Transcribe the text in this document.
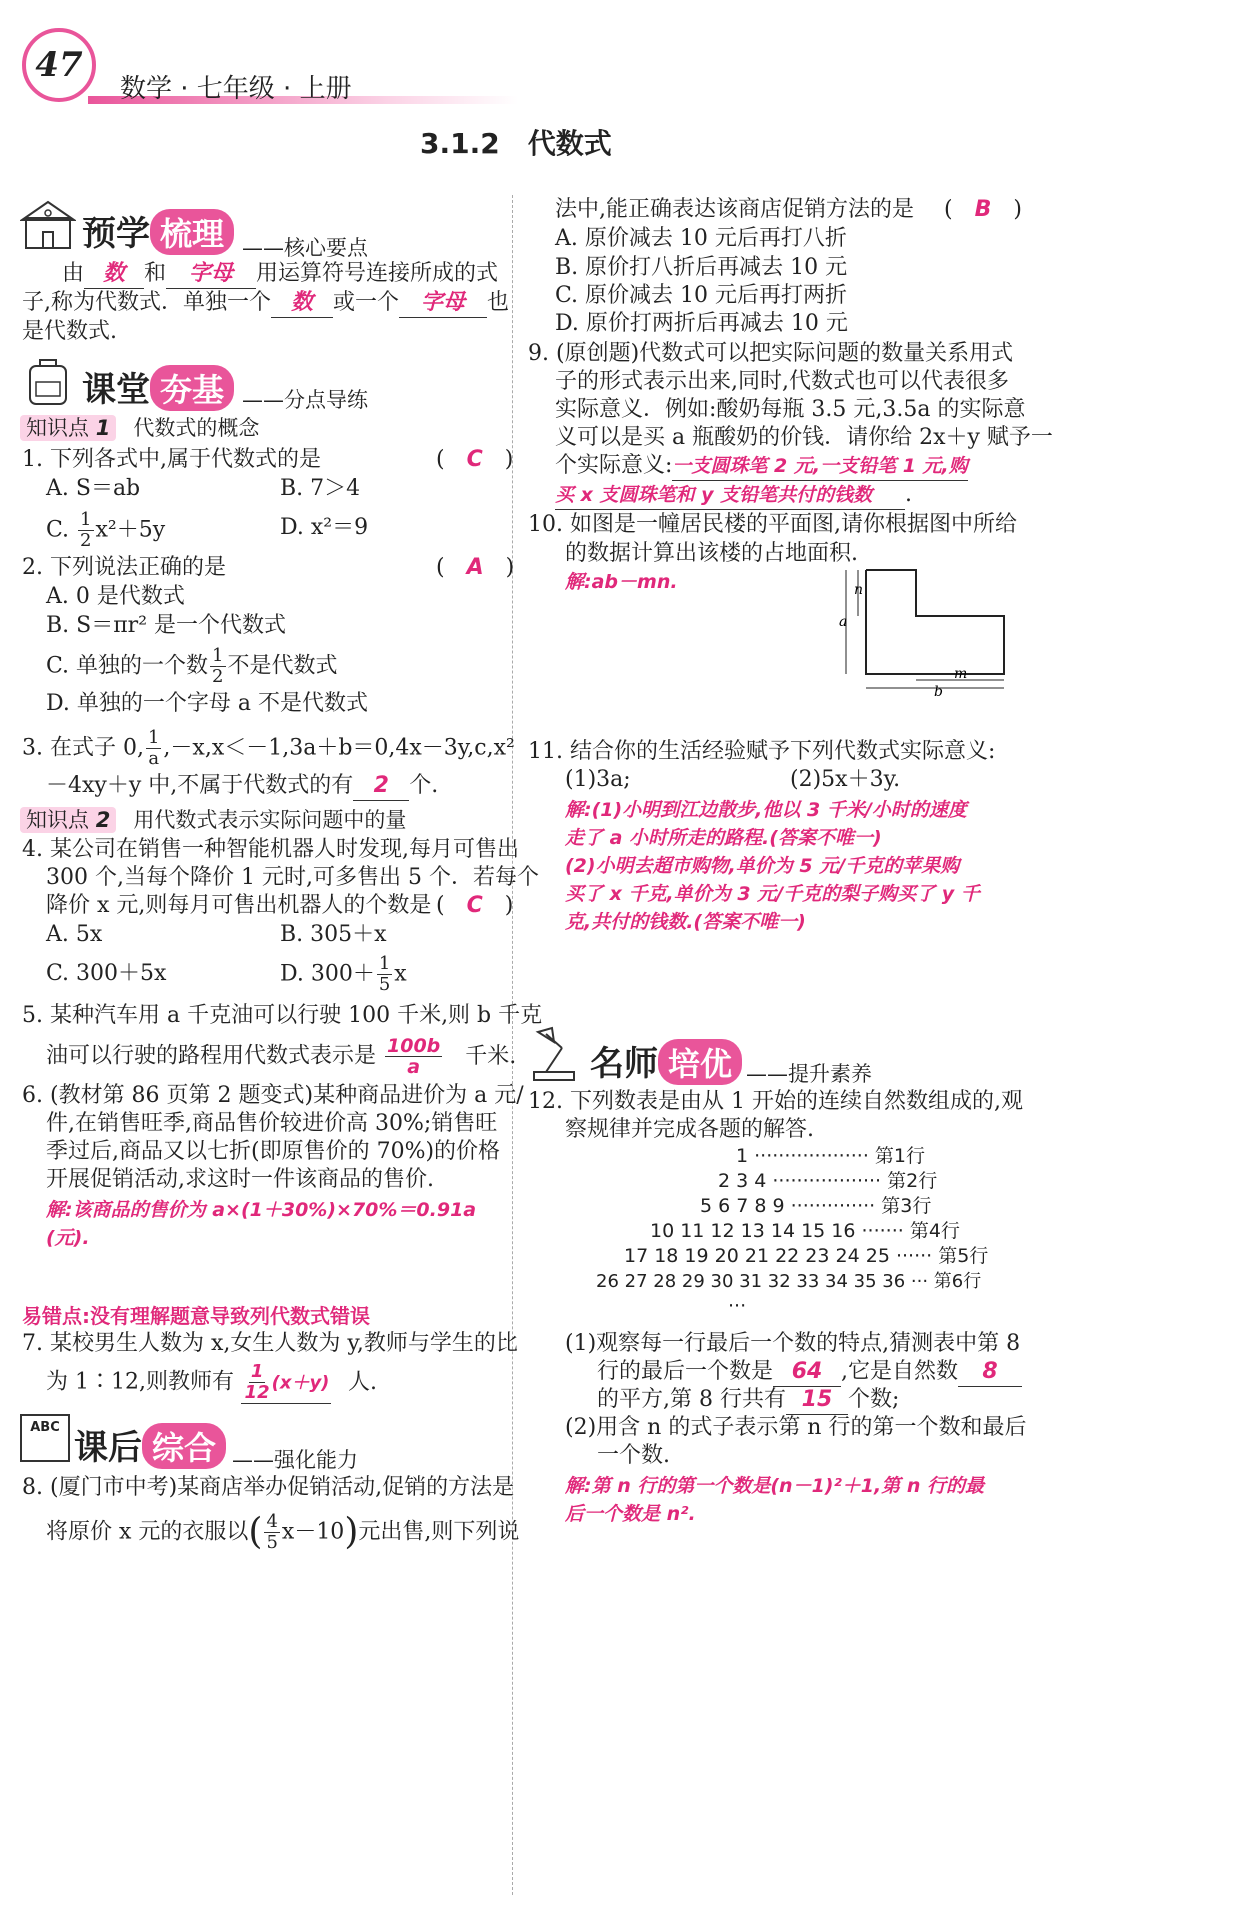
47
数学 · 七年级 · 上册
3.1.2　代数式
预学 梳理 ——核心要点
由 数 和 字母 用运算符号连接所成的式
子,称为代数式．单独一个 数 或一个 字母 也
是代数式.
课堂 夯基 ——分点导练
知识点 1 代数式的概念
1. 下列各式中,属于代数式的是	(　C　)
A. S＝ab	B. 7＞4
C. $\frac{1}{2} x^2+5y$	D. x²＝9
2. 下列说法正确的是	(　A　)
A. 0 是代数式
B. S＝πr² 是一个代数式
C. 单独的一个数 $\frac{1}{2}$ 不是代数式
D. 单独的一个字母 a 不是代数式
3. 在式子 0, $\frac{1}{a} ,-x,x<-1,3a+b=0,4x-3y,c,x^2$
－4xy＋y 中,不属于代数式的有 2 个.
知识点 2 用代数式表示实际问题中的量
4. 某公司在销售一种智能机器人时发现,每月可售出
300 个,当每个降价 1 元时,可多售出 5 个．若每个
降价 x 元,则每月可售出机器人的个数是 (　C　)
A. 5x	B. 305＋x
C. 300＋5x	D. $300+ \frac{1}{5}$ x
5. 某种汽车用 a 千克油可以行驶 100 千米,则 b 千克
油可以行驶的路程用代数式表示是 $\frac{100b}{a}$ 千米.
6. (教材第 86 页第 2 题变式)某种商品进价为 a 元/
件,在销售旺季,商品售价较进价高 30%;销售旺
季过后,商品又以七折(即原售价的 70%)的价格
开展促销活动,求这时一件该商品的售价.
解:该商品的售价为 a×(1＋30%)×70%＝0.91a
(元).
易错点:没有理解题意导致列代数式错误
7. 某校男生人数为 x,女生人数为 y,教师与学生的比
为 1∶12,则教师有 $\frac{1}{12} (x+y)$ 人.
ABC
课后 综合 ——强化能力
8. (厦门市中考)某商店举办促销活动,促销的方法是
将原价 x 元的衣服以( $\frac{4}{5} x-10$)元出售,则下列说
法中,能正确表达该商店促销方法的是 (　B　)
A. 原价减去 10 元后再打八折
B. 原价打八折后再减去 10 元
C. 原价减去 10 元后再打两折
D. 原价打两折后再减去 10 元
9. (原创题)代数式可以把实际问题的数量关系用式
子的形式表示出来,同时,代数式也可以代表很多
实际意义．例如:酸奶每瓶 3.5 元,3.5a 的实际意
义可以是买 a 瓶酸奶的价钱．请你给 2x＋y 赋予一
个实际意义:一支圆珠笔 2 元,一支铅笔 1 元,购
买 x 支圆珠笔和 y 支铅笔共付的钱数 .
10. 如图是一幢居民楼的平面图,请你根据图中所给
的数据计算出该楼的占地面积.
解:ab－mn.	n
a
m
b
11. 结合你的生活经验赋予下列代数式实际意义:
(1)3a;	(2)5x＋3y.
解:(1)小明到江边散步,他以 3 千米/小时的速度
走了 a 小时所走的路程.(答案不唯一)
(2)小明去超市购物,单价为 5 元/千克的苹果购
买了 x 千克,单价为 3 元/千克的梨子购买了 y 千
克,共付的钱数.(答案不唯一)
名师 培优 ——提升素养
12. 下列数表是由从 1 开始的连续自然数组成的,观
察规律并完成各题的解答.
1 ··················· 第1行
2 3 4 ·················· 第2行
5 6 7 8 9 ·············· 第3行
10 11 12 13 14 15 16 ······· 第4行
17 18 19 20 21 22 23 24 25 ······ 第5行
26 27 28 29 30 31 32 33 34 35 36 ··· 第6行
···
(1)观察每一行最后一个数的特点,猜测表中第 8
行的最后一个数是 64 ,它是自然数 8
的平方,第 8 行共有 15 个数;
(2)用含 n 的式子表示第 n 行的第一个数和最后
一个数.
解:第 n 行的第一个数是(n－1)²＋1,第 n 行的最
后一个数是 n².
